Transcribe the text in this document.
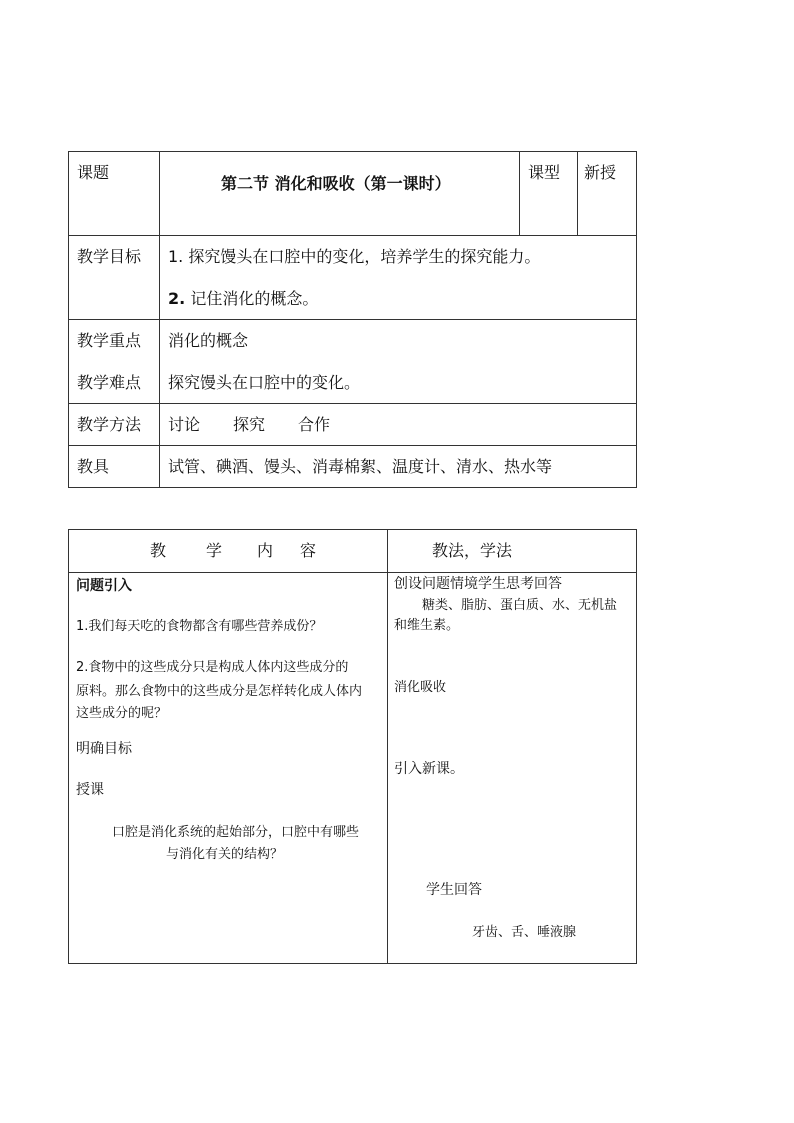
课题
第二节 消化和吸收（第一课时）
课型 新授
教学目标 1. 探究馒头在口腔中的变化，培养学生的探究能力。
2. 记住消化的概念。
教学重点 消化的概念
教学难点 探究馒头在口腔中的变化。
教学方法 讨论 探究 合作
教具	试管、碘酒、馒头、消毒棉絮、温度计、清水、热水等
教 学 内 容	教法，学法
问题引入
1.我们每天吃的食物都含有哪些营养成份？
2.食物中的这些成分只是构成人体内这些成分的
原料。那么食物中的这些成分是怎样转化成人体内
这些成分的呢？
明确目标
授课
口腔是消化系统的起始部分，口腔中有哪些
与消化有关的结构？
创设问题情境学生思考回答
糖类、脂肪、蛋白质、水、无机盐
和维生素。
消化吸收
引入新课。
学生回答
牙齿、舌、唾液腺
